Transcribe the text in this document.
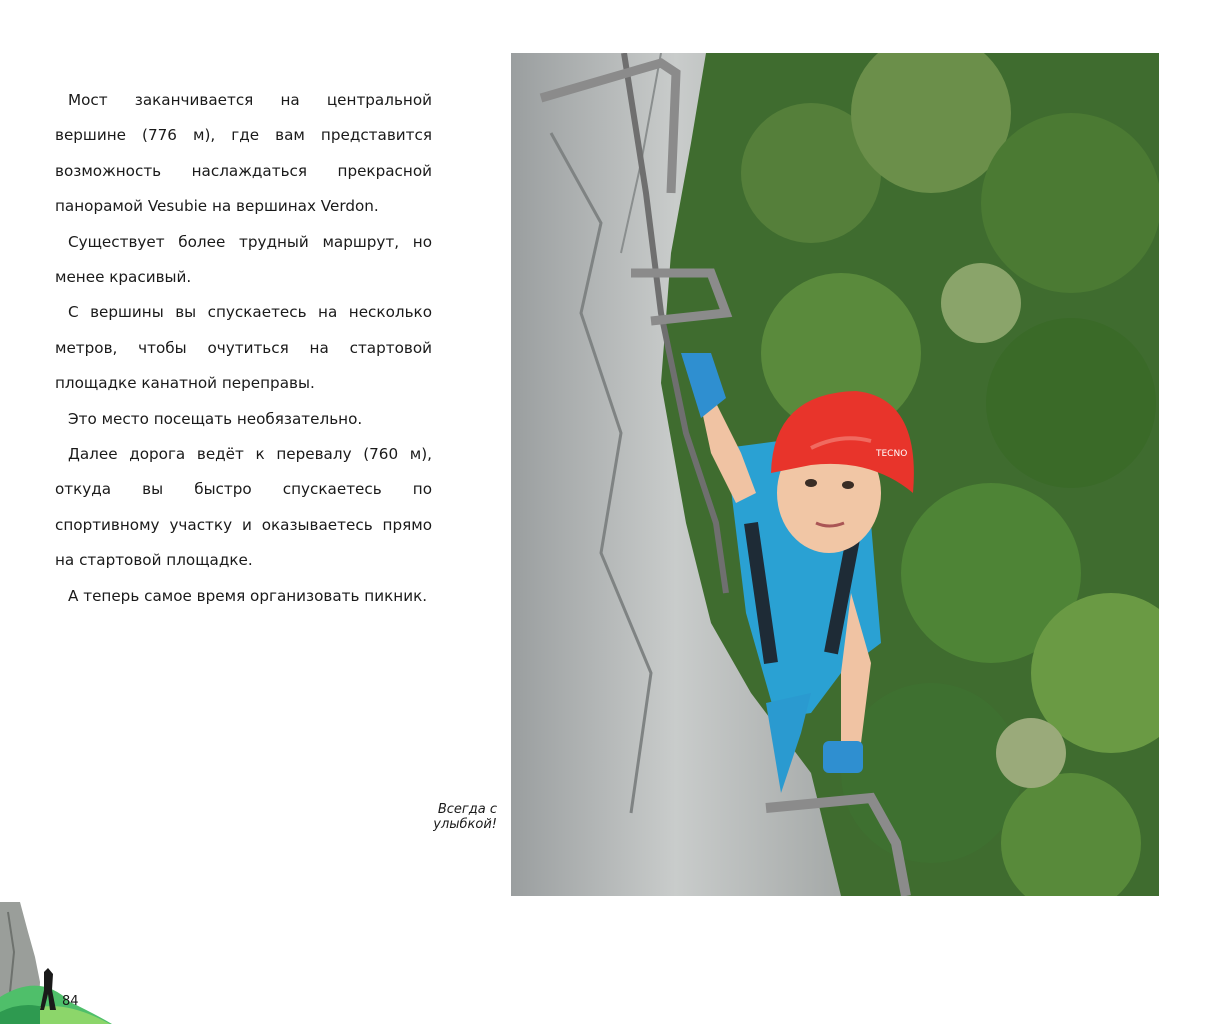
Мост заканчивается на центральной вершине (776 м), где вам представится возможность наслаждаться прекрасной панорамой Vesubie на вершинах Verdon.

Существует более трудный маршрут, но менее красивый.

С вершины вы спускаетесь на несколько метров, чтобы очутиться на стартовой площадке канатной переправы.

Это место посещать необязательно.

Далее дорога ведёт к перевалу (760 м), откуда вы быстро спускаетесь по спортивному участку и оказываетесь прямо на стартовой площадке.

А теперь самое время организовать пикник.

Всегда с улыбкой!
TECNO
84
